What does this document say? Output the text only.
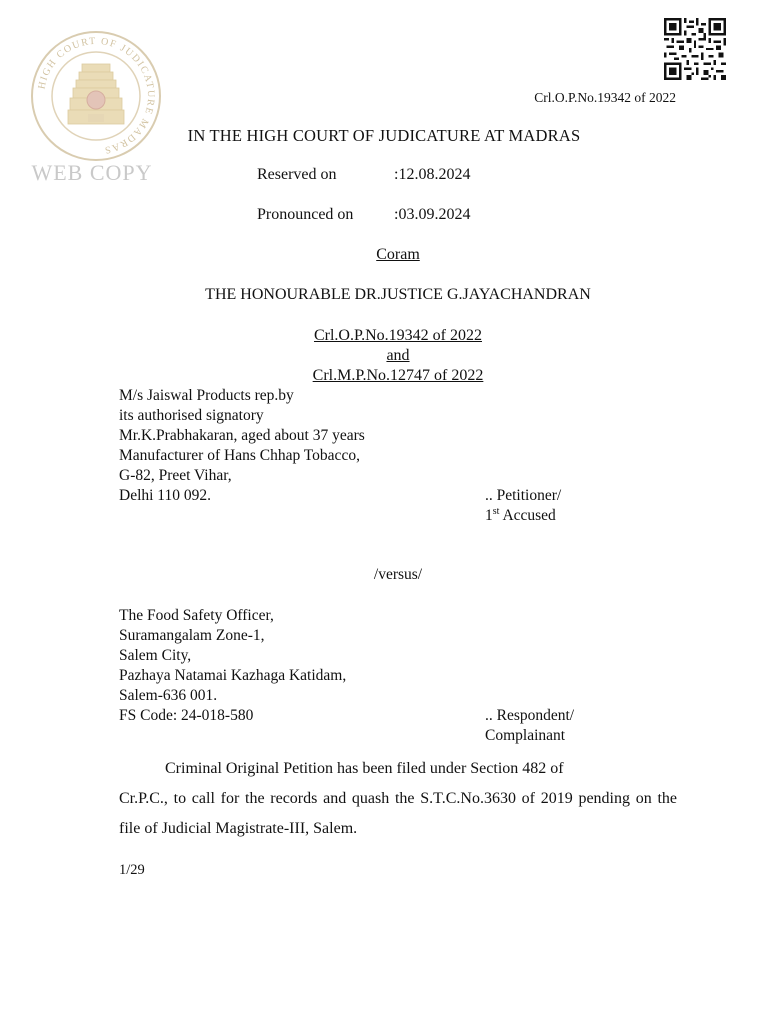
HIGH COURT OF JUDICATURE MADRAS
WEB COPY
Crl.O.P.No.19342 of 2022
IN THE HIGH COURT OF JUDICATURE AT MADRAS
Reserved on	:12.08.2024
Pronounced on	:03.09.2024
Coram
THE HONOURABLE DR.JUSTICE G.JAYACHANDRAN
Crl.O.P.No.19342 of 2022
and
Crl.M.P.No.12747 of 2022
M/s Jaiswal Products rep.by
its authorised signatory
Mr.K.Prabhakaran, aged about 37 years
Manufacturer of Hans Chhap Tobacco,
G-82, Preet Vihar,
Delhi 110 092.	.. Petitioner/
1st Accused
/versus/
The Food Safety Officer,
Suramangalam Zone-1,
Salem City,
Pazhaya Natamai Kazhaga Katidam,
Salem-636 001.
FS Code: 24-018-580	.. Respondent/
Complainant
Criminal Original Petition has been filed under Section 482 of
Cr.P.C., to call for the records and quash the S.T.C.No.3630 of 2019 pending on the file of Judicial Magistrate-III, Salem.
1/29
